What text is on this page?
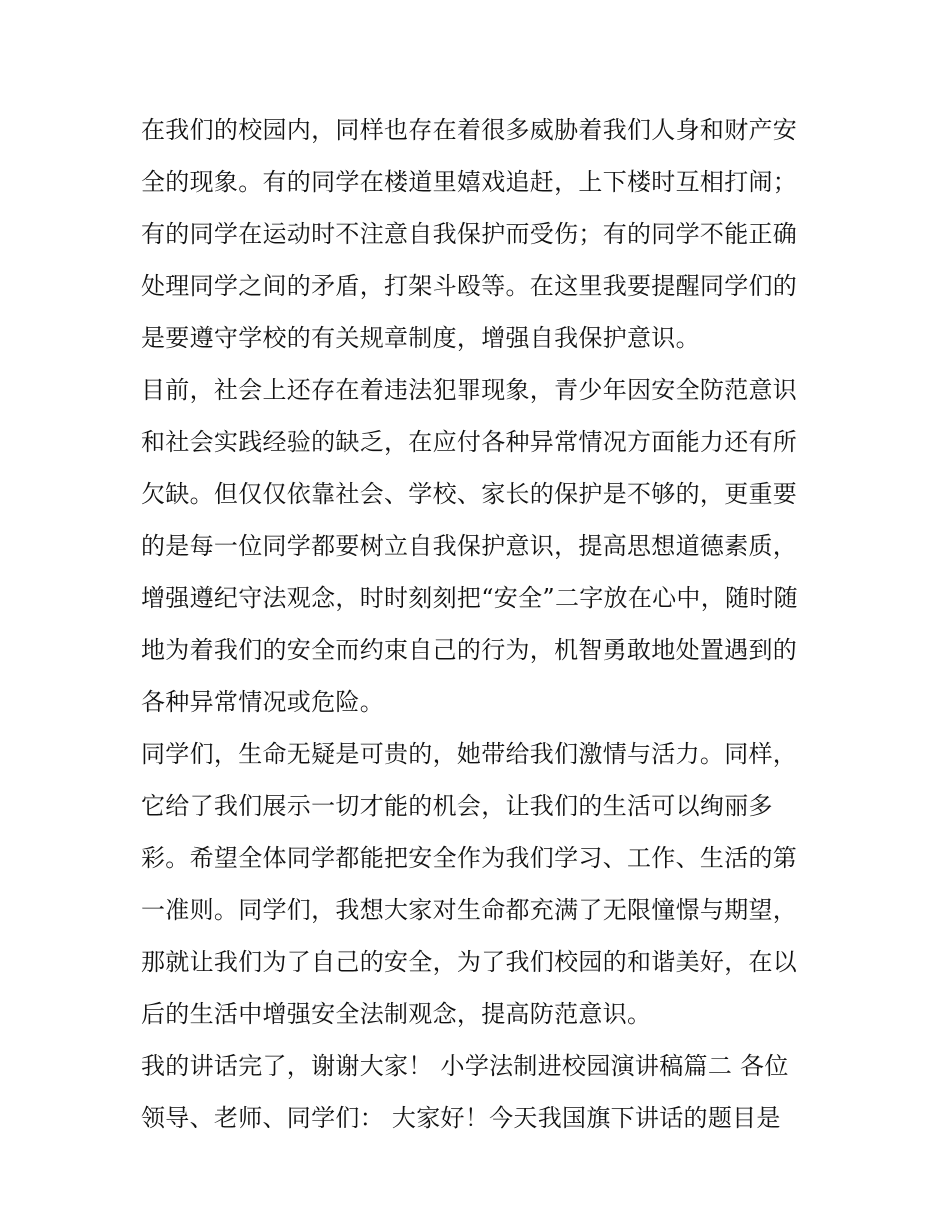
在我们的校园内，同样也存在着很多威胁着我们人身和财产安
全的现象。有的同学在楼道里嬉戏追赶，上下楼时互相打闹；
有的同学在运动时不注意自我保护而受伤；有的同学不能正确
处理同学之间的矛盾，打架斗殴等。在这里我要提醒同学们的
是要遵守学校的有关规章制度，增强自我保护意识。
目前，社会上还存在着违法犯罪现象，青少年因安全防范意识
和社会实践经验的缺乏，在应付各种异常情况方面能力还有所
欠缺。但仅仅依靠社会、学校、家长的保护是不够的，更重要
的是每一位同学都要树立自我保护意识，提高思想道德素质，
增强遵纪守法观念，时时刻刻把“安全”二字放在心中，随时随
地为着我们的安全而约束自己的行为，机智勇敢地处置遇到的
各种异常情况或危险。
同学们，生命无疑是可贵的，她带给我们激情与活力。同样，
它给了我们展示一切才能的机会，让我们的生活可以绚丽多
彩。希望全体同学都能把安全作为我们学习、工作、生活的第
一准则。同学们，我想大家对生命都充满了无限憧憬与期望，
那就让我们为了自己的安全，为了我们校园的和谐美好，在以
后的生活中增强安全法制观念，提高防范意识。
我的讲话完了，谢谢大家！ 小学法制进校园演讲稿篇二 各位
领导、老师、同学们： 大家好！今天我国旗下讲话的题目是
